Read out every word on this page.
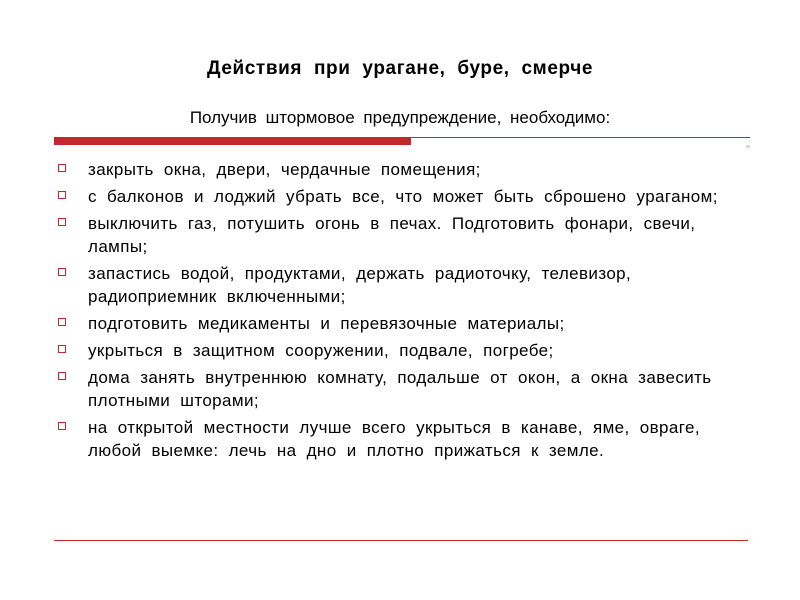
Действия при урагане, буре, смерче
Получив штормовое предупреждение, необходимо:
закрыть окна, двери, чердачные помещения;
с балконов и лоджий убрать все, что может быть сброшено ураганом;
выключить газ, потушить огонь в печах. Подготовить фонари, свечи, лампы;
запастись водой, продуктами, держать радиоточку, телевизор, радиоприемник включенными;
подготовить медикаменты и перевязочные материалы;
укрыться в защитном сооружении, подвале, погребе;
дома занять внутреннюю комнату, подальше от окон, а окна завесить плотными шторами;
на открытой местности лучше всего укрыться в канаве, яме, овраге, любой выемке: лечь на дно и плотно прижаться к земле.
